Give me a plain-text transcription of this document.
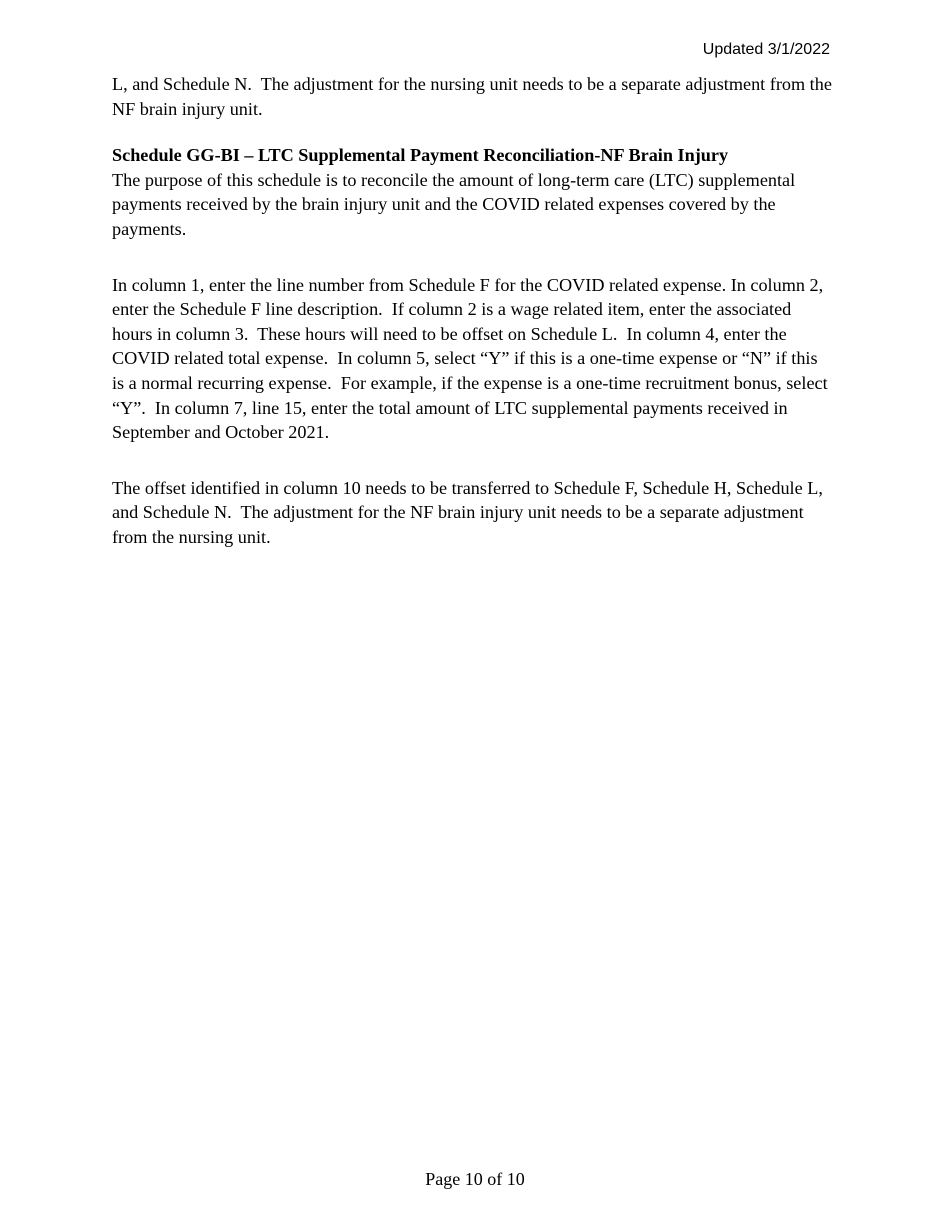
Updated 3/1/2022

L, and Schedule N.  The adjustment for the nursing unit needs to be a separate adjustment from the NF brain injury unit.

Schedule GG-BI – LTC Supplemental Payment Reconciliation-NF Brain Injury

The purpose of this schedule is to reconcile the amount of long-term care (LTC) supplemental payments received by the brain injury unit and the COVID related expenses covered by the payments.

In column 1, enter the line number from Schedule F for the COVID related expense. In column 2, enter the Schedule F line description.  If column 2 is a wage related item, enter the associated hours in column 3.  These hours will need to be offset on Schedule L.  In column 4, enter the COVID related total expense.  In column 5, select “Y” if this is a one-time expense or “N” if this is a normal recurring expense.  For example, if the expense is a one-time recruitment bonus, select “Y”.  In column 7, line 15, enter the total amount of LTC supplemental payments received in September and October 2021.

The offset identified in column 10 needs to be transferred to Schedule F, Schedule H, Schedule L, and Schedule N.  The adjustment for the NF brain injury unit needs to be a separate adjustment from the nursing unit.

Page 10 of 10
